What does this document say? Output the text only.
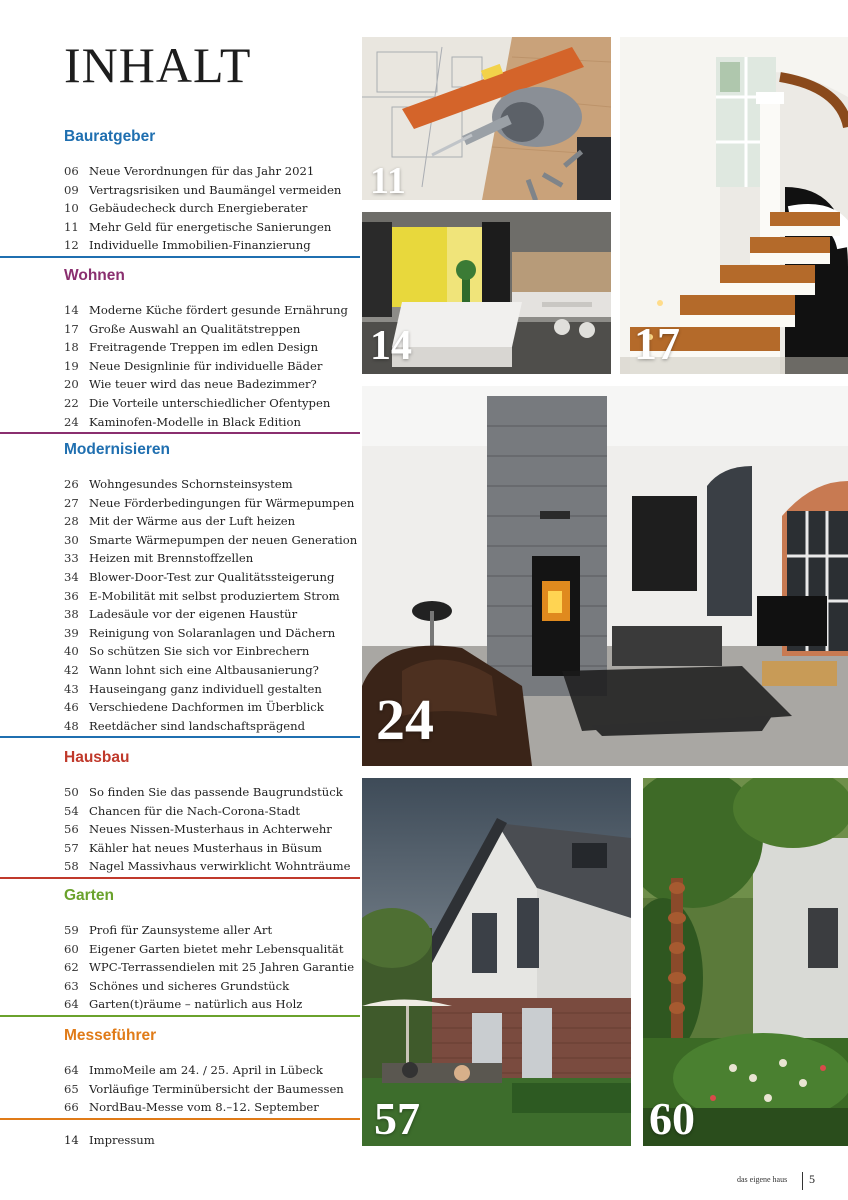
INHALT
Bauratgeber
06 Neue Verordnungen für das Jahr 2021
09 Vertragsrisiken und Baumängel vermeiden
10 Gebäudecheck durch Energieberater
11 Mehr Geld für energetische Sanierungen
12 Individuelle Immobilien-Finanzierung
Wohnen
14 Moderne Küche fördert gesunde Ernährung
17 Große Auswahl an Qualitätstreppen
18 Freitragende Treppen im edlen Design
19 Neue Designlinie für individuelle Bäder
20 Wie teuer wird das neue Badezimmer?
22 Die Vorteile unterschiedlicher Ofentypen
24 Kaminofen-Modelle in Black Edition
Modernisieren
26 Wohngesundes Schornsteinsystem
27 Neue Förderbedingungen für Wärmepumpen
28 Mit der Wärme aus der Luft heizen
30 Smarte Wärmepumpen der neuen Generation
33 Heizen mit Brennstoffzellen
34 Blower-Door-Test zur Qualitätssteigerung
36 E-Mobilität mit selbst produziertem Strom
38 Ladesäule vor der eigenen Haustür
39 Reinigung von Solaranlagen und Dächern
40 So schützen Sie sich vor Einbrechern
42 Wann lohnt sich eine Altbausanierung?
43 Hauseingang ganz individuell gestalten
46 Verschiedene Dachformen im Überblick
48 Reetdächer sind landschaftsprägend
Hausbau
50 So finden Sie das passende Baugrundstück
54 Chancen für die Nach-Corona-Stadt
56 Neues Nissen-Musterhaus in Achterwehr
57 Kähler hat neues Musterhaus in Büsum
58 Nagel Massivhaus verwirklicht Wohnträume
Garten
59 Profi für Zaunsysteme aller Art
60 Eigener Garten bietet mehr Lebensqualität
62 WPC-Terrassendielen mit 25 Jahren Garantie
63 Schönes und sicheres Grundstück
64 Garten(t)räume – natürlich aus Holz
Messeführer
64 ImmoMeile am 24. / 25. April in Lübeck
65 Vorläufige Terminübersicht der Baumessen
66 NordBau-Messe vom 8.–12. September
14 Impressum
11
14	17
24
57	60
das eigene haus 5
